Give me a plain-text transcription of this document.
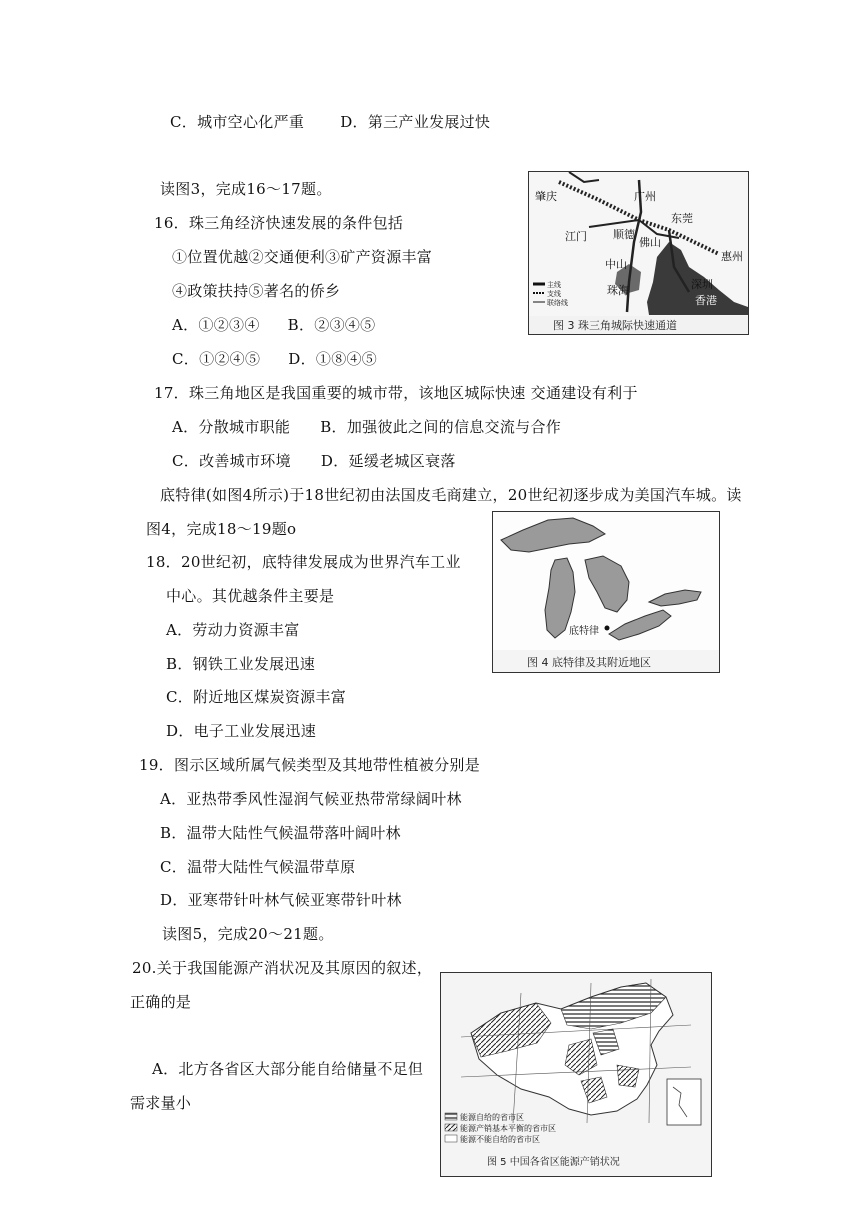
C．城市空心化严重 D．第三产业发展过快
读图3，完成16～17题。
16．珠三角经济快速发展的条件包括
①位置优越②交通便利③矿产资源丰富
④政策扶持⑤著名的侨乡
A．①②③④ B．②③④⑤
C．①②④⑤ D．①⑧④⑤
17．珠三角地区是我国重要的城市带，该地区城际快速 交通建设有利于
A．分散城市职能 B．加强彼此之间的信息交流与合作
C．改善城市环境 D．延缓老城区衰落
底特律(如图4所示)于18世纪初由法国皮毛商建立，20世纪初逐步成为美国汽车城。读
图4，完成18～19题o
18．20世纪初，底特律发展成为世界汽车工业
中心。其优越条件主要是
A．劳动力资源丰富
B．钢铁工业发展迅速
C．附近地区煤炭资源丰富
D．电子工业发展迅速
19．图示区域所属气候类型及其地带性植被分别是
A．亚热带季风性湿润气候亚热带常绿阔叶林
B．温带大陆性气候温带落叶阔叶林
C．温带大陆性气候温带草原
D．亚寒带针叶林气候亚寒带针叶林
读图5，完成20～21题。
20.关于我国能源产消状况及其原因的叙述，
正确的是
A．北方各省区大部分能自给储量不足但
需求量小
肇庆	广州
东莞
江门 顺德
佛山
中山
珠海	深圳
惠州
香港
主线
支线
联络线
图 3 珠三角城际快速通道
底特律
图 4 底特律及其附近地区
能源自给的省市区
能源产销基本平衡的省市区
能源不能自给的省市区
图 5 中国各省区能源产销状况
